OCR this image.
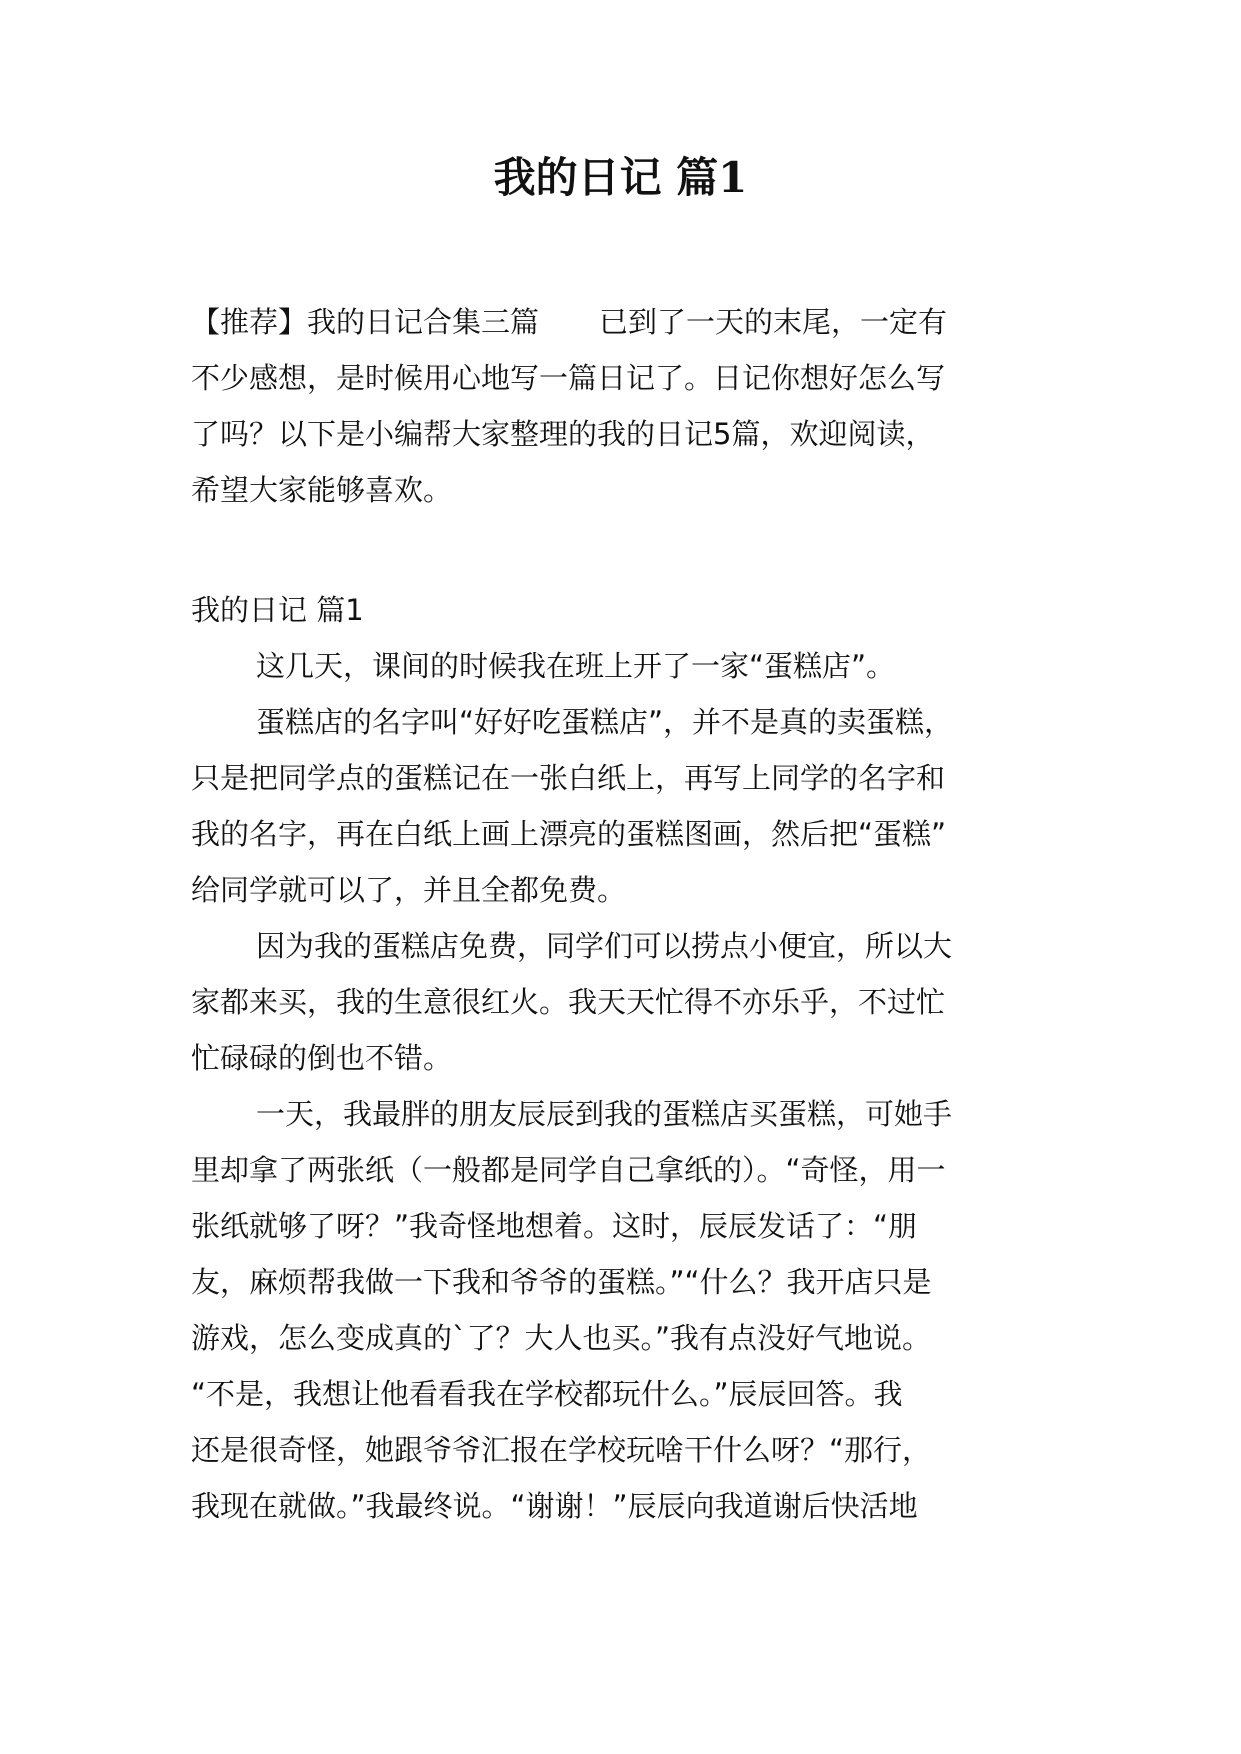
我的日记 篇1
【推荐】我的日记合集三篇 已到了一天的末尾，一定有
不少感想，是时候用心地写一篇日记了。日记你想好怎么写
了吗？以下是小编帮大家整理的我的日记5篇，欢迎阅读，
希望大家能够喜欢。
我的日记 篇1
这几天，课间的时候我在班上开了一家“蛋糕店”。
蛋糕店的名字叫“好好吃蛋糕店”，并不是真的卖蛋糕，
只是把同学点的蛋糕记在一张白纸上，再写上同学的名字和
我的名字，再在白纸上画上漂亮的蛋糕图画，然后把“蛋糕”
给同学就可以了，并且全都免费。
因为我的蛋糕店免费，同学们可以捞点小便宜，所以大
家都来买，我的生意很红火。我天天忙得不亦乐乎，不过忙
忙碌碌的倒也不错。
一天，我最胖的朋友辰辰到我的蛋糕店买蛋糕，可她手
里却拿了两张纸（一般都是同学自己拿纸的）。“奇怪，用一
张纸就够了呀？”我奇怪地想着。这时，辰辰发话了：“朋
友，麻烦帮我做一下我和爷爷的蛋糕。”“什么？我开店只是
游戏，怎么变成真的`了？大人也买。”我有点没好气地说。
“不是，我想让他看看我在学校都玩什么。”辰辰回答。我
还是很奇怪，她跟爷爷汇报在学校玩啥干什么呀？“那行，
我现在就做。”我最终说。“谢谢！”辰辰向我道谢后快活地
